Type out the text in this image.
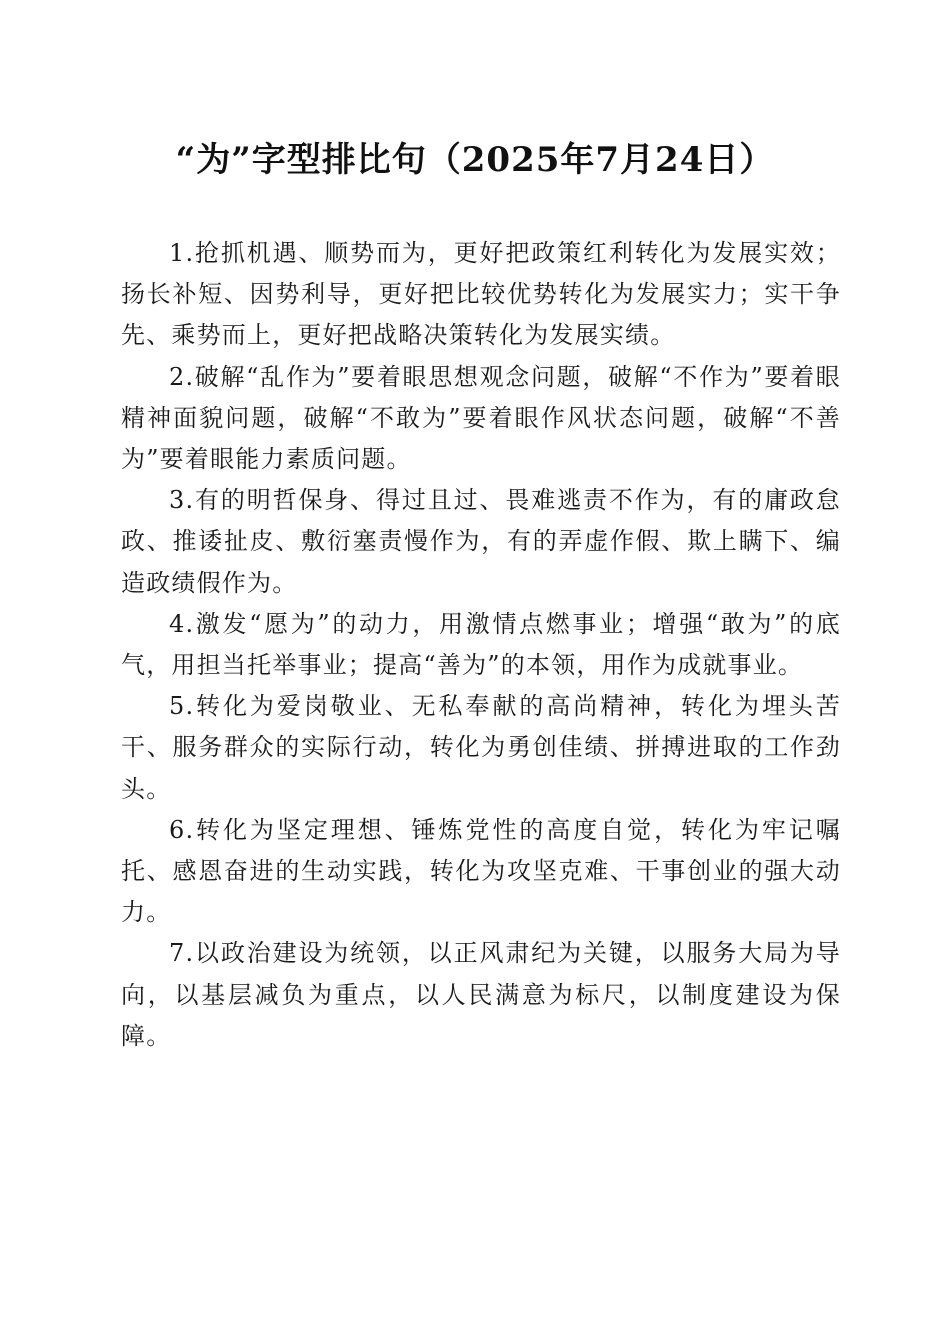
“为”字型排比句（2025年7月24日）

1.抢抓机遇、顺势而为，更好把政策红利转化为发展实效；扬长补短、因势利导，更好把比较优势转化为发展实力；实干争先、乘势而上，更好把战略决策转化为发展实绩。

2.破解“乱作为”要着眼思想观念问题，破解“不作为”要着眼精神面貌问题，破解“不敢为”要着眼作风状态问题，破解“不善为”要着眼能力素质问题。

3.有的明哲保身、得过且过、畏难逃责不作为，有的庸政怠政、推诿扯皮、敷衍塞责慢作为，有的弄虚作假、欺上瞒下、编造政绩假作为。

4.激发“愿为”的动力，用激情点燃事业；增强“敢为”的底气，用担当托举事业；提高“善为”的本领，用作为成就事业。

5.转化为爱岗敬业、无私奉献的高尚精神，转化为埋头苦干、服务群众的实际行动，转化为勇创佳绩、拼搏进取的工作劲头。

6.转化为坚定理想、锤炼党性的高度自觉，转化为牢记嘱托、感恩奋进的生动实践，转化为攻坚克难、干事创业的强大动力。

7.以政治建设为统领，以正风肃纪为关键，以服务大局为导向，以基层减负为重点，以人民满意为标尺，以制度建设为保障。
